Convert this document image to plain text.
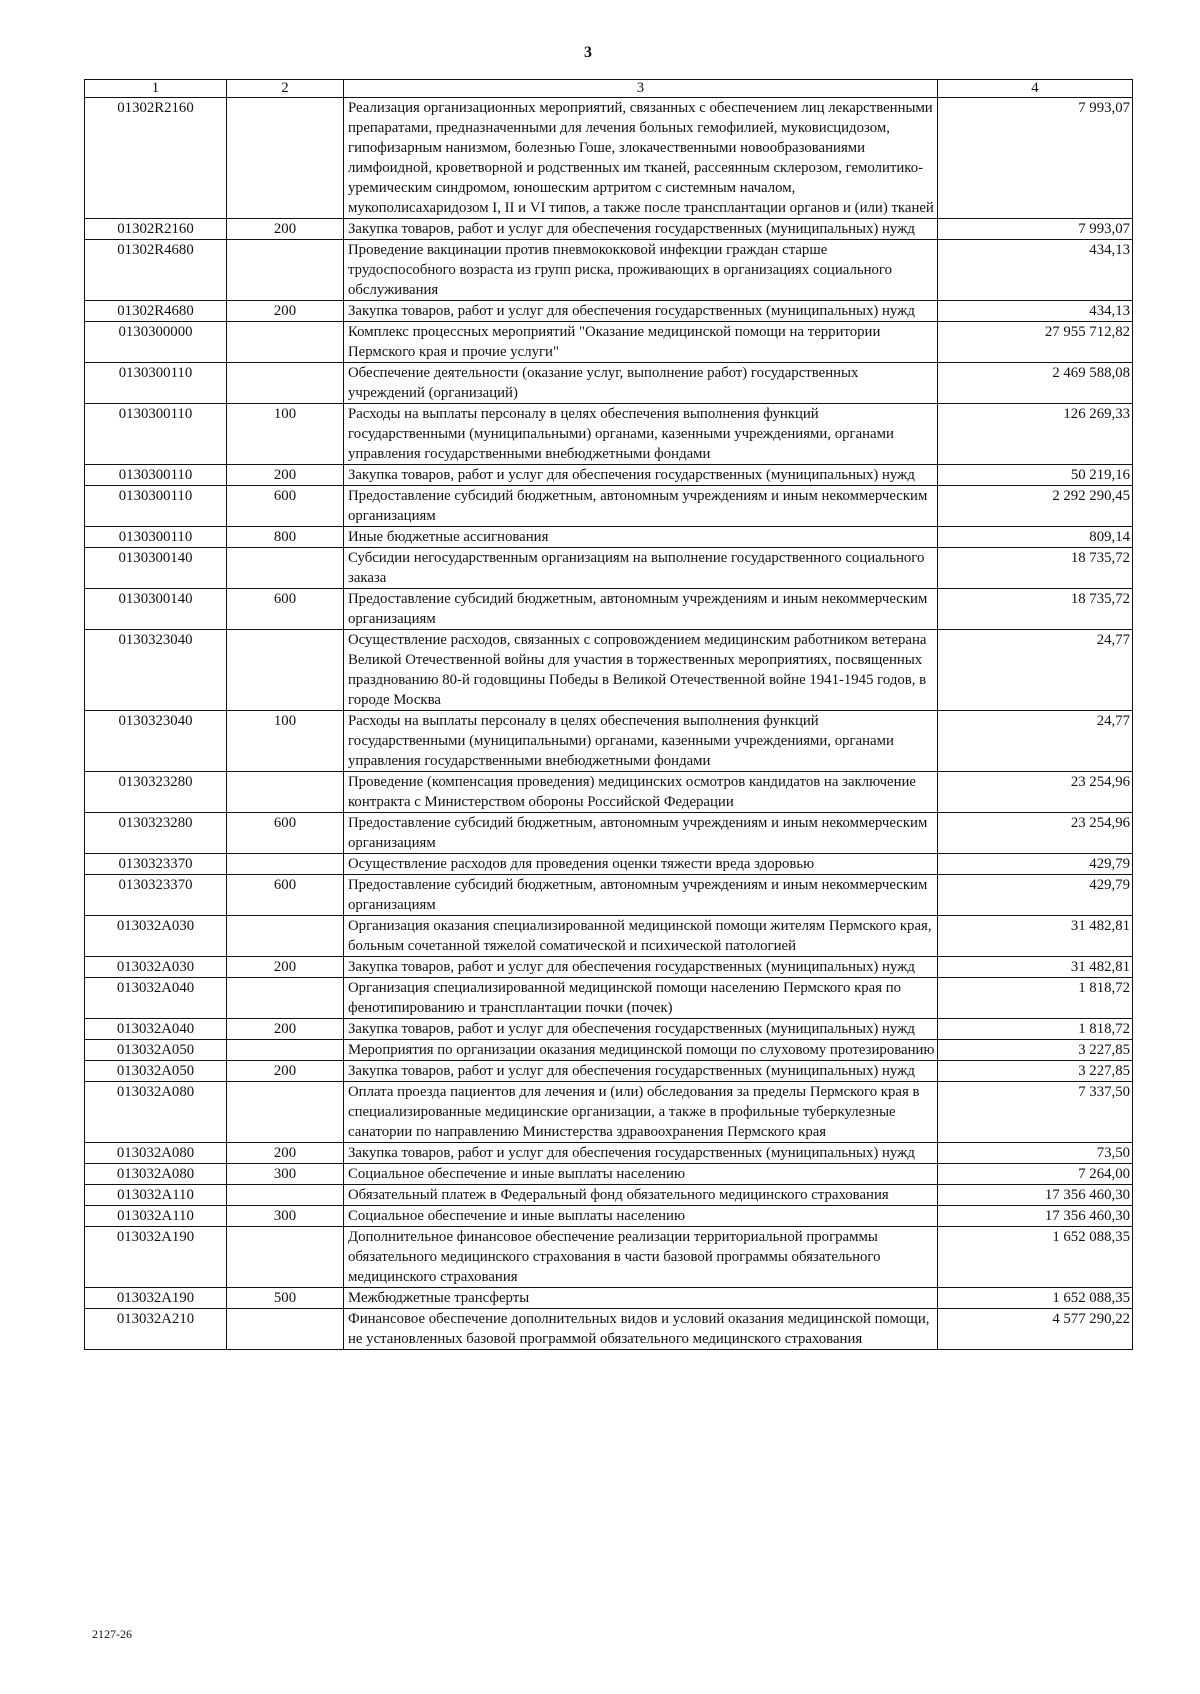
3
1	2	3	4
01302R2160		Реализация организационных мероприятий, связанных с обеспечением лиц лекарственными препаратами, предназначенными для лечения больных гемофилией, муковисцидозом, гипофизарным нанизмом, болезнью Гоше, злокачественными новообразованиями лимфоидной, кроветворной и родственных им тканей, рассеянным склерозом, гемолитико-уремическим синдромом, юношеским артритом с системным началом, мукополисахаридозом I, II и VI типов, а также после трансплантации органов и (или) тканей	7 993,07
01302R2160	200	Закупка товаров, работ и услуг для обеспечения государственных (муниципальных) нужд	7 993,07
01302R4680		Проведение вакцинации против пневмококковой инфекции граждан старше трудоспособного возраста из групп риска, проживающих в организациях социального обслуживания	434,13
01302R4680	200	Закупка товаров, работ и услуг для обеспечения государственных (муниципальных) нужд	434,13
0130300000		Комплекс процессных мероприятий "Оказание медицинской помощи на территории Пермского края и прочие услуги"	27 955 712,82
0130300110		Обеспечение деятельности (оказание услуг, выполнение работ) государственных учреждений (организаций)	2 469 588,08
0130300110	100	Расходы на выплаты персоналу в целях обеспечения выполнения функций государственными (муниципальными) органами, казенными учреждениями, органами управления государственными внебюджетными фондами	126 269,33
0130300110	200	Закупка товаров, работ и услуг для обеспечения государственных (муниципальных) нужд	50 219,16
0130300110	600	Предоставление субсидий бюджетным, автономным учреждениям и иным некоммерческим организациям	2 292 290,45
0130300110	800	Иные бюджетные ассигнования	809,14
0130300140		Субсидии негосударственным организациям на выполнение государственного социального заказа	18 735,72
0130300140	600	Предоставление субсидий бюджетным, автономным учреждениям и иным некоммерческим организациям	18 735,72
0130323040		Осуществление расходов, связанных с сопровождением медицинским работником ветерана Великой Отечественной войны для участия в торжественных мероприятиях, посвященных празднованию 80-й годовщины Победы в Великой Отечественной войне 1941-1945 годов, в городе Москва	24,77
0130323040	100	Расходы на выплаты персоналу в целях обеспечения выполнения функций государственными (муниципальными) органами, казенными учреждениями, органами управления государственными внебюджетными фондами	24,77
0130323280		Проведение (компенсация проведения) медицинских осмотров кандидатов на заключение контракта с Министерством обороны Российской Федерации	23 254,96
0130323280	600	Предоставление субсидий бюджетным, автономным учреждениям и иным некоммерческим организациям	23 254,96
0130323370		Осуществление расходов для проведения оценки тяжести вреда здоровью	429,79
0130323370	600	Предоставление субсидий бюджетным, автономным учреждениям и иным некоммерческим организациям	429,79
013032А030		Организация оказания специализированной медицинской помощи жителям Пермского края, больным сочетанной тяжелой соматической и психической патологией	31 482,81
013032А030	200	Закупка товаров, работ и услуг для обеспечения государственных (муниципальных) нужд	31 482,81
013032А040		Организация специализированной медицинской помощи населению Пермского края по фенотипированию и трансплантации почки (почек)	1 818,72
013032А040	200	Закупка товаров, работ и услуг для обеспечения государственных (муниципальных) нужд	1 818,72
013032А050		Мероприятия по организации оказания медицинской помощи по слуховому протезированию	3 227,85
013032А050	200	Закупка товаров, работ и услуг для обеспечения государственных (муниципальных) нужд	3 227,85
013032А080		Оплата проезда пациентов для лечения и (или) обследования за пределы Пермского края в специализированные медицинские организации, а также в профильные туберкулезные санатории по направлению Министерства здравоохранения Пермского края	7 337,50
013032А080	200	Закупка товаров, работ и услуг для обеспечения государственных (муниципальных) нужд	73,50
013032А080	300	Социальное обеспечение и иные выплаты населению	7 264,00
013032А110		Обязательный платеж в Федеральный фонд обязательного медицинского страхования	17 356 460,30
013032А110	300	Социальное обеспечение и иные выплаты населению	17 356 460,30
013032А190		Дополнительное финансовое обеспечение реализации территориальной программы обязательного медицинского страхования в части базовой программы обязательного медицинского страхования	1 652 088,35
013032А190	500	Межбюджетные трансферты	1 652 088,35
013032А210		Финансовое обеспечение дополнительных видов и условий оказания медицинской помощи, не установленных базовой программой обязательного медицинского страхования	4 577 290,22
2127-26
